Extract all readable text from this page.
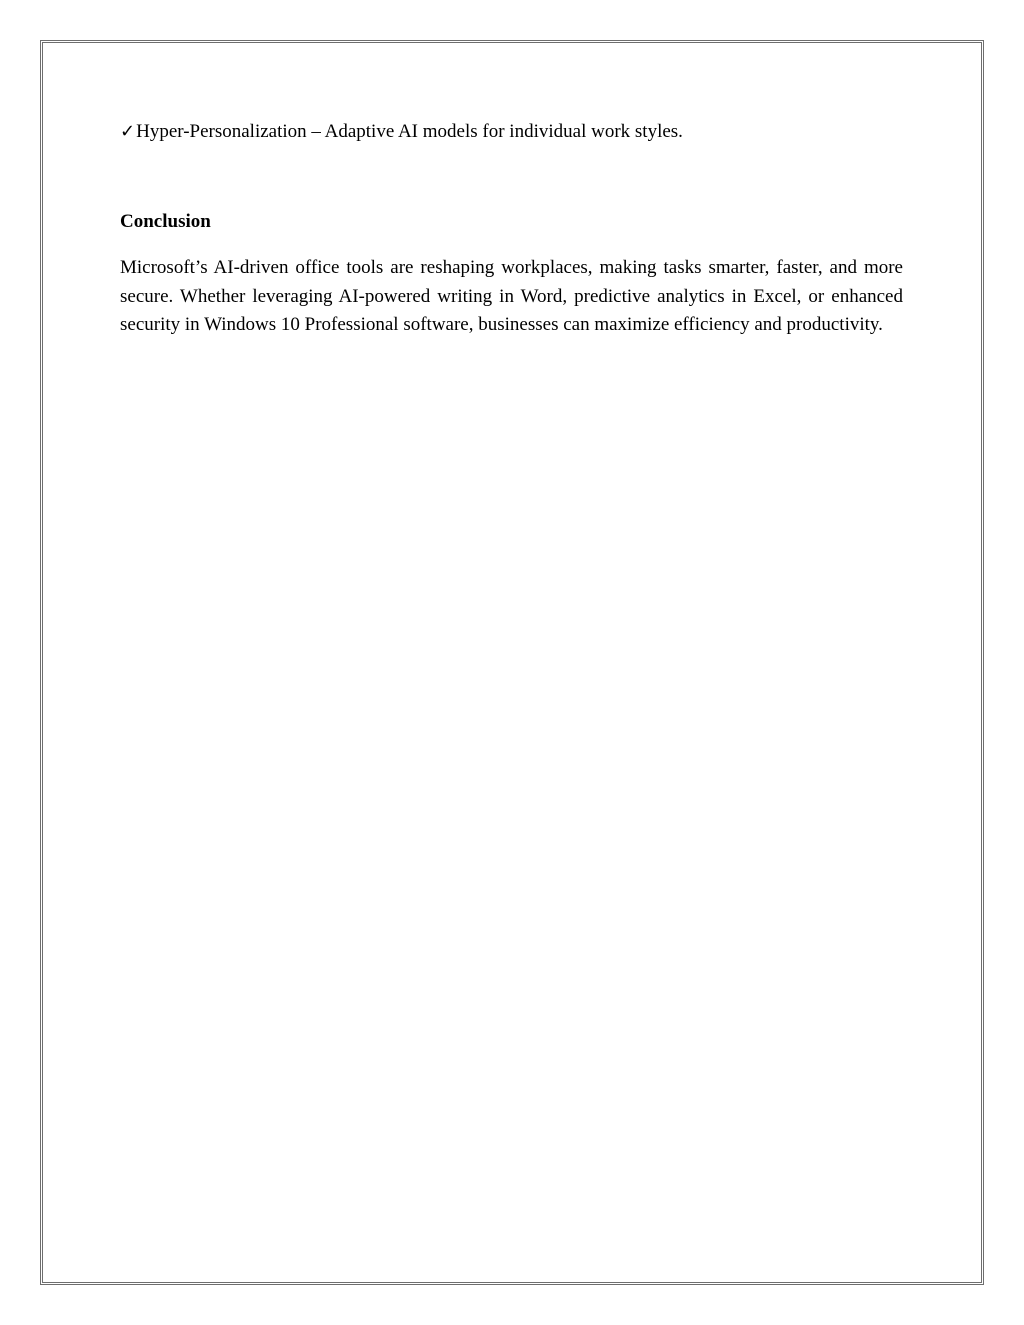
✓Hyper-Personalization – Adaptive AI models for individual work styles.

Conclusion

Microsoft’s AI-driven office tools are reshaping workplaces, making tasks smarter, faster, and more secure. Whether leveraging AI-powered writing in Word, predictive analytics in Excel, or enhanced security in Windows 10 Professional software, businesses can maximize efficiency and productivity.
